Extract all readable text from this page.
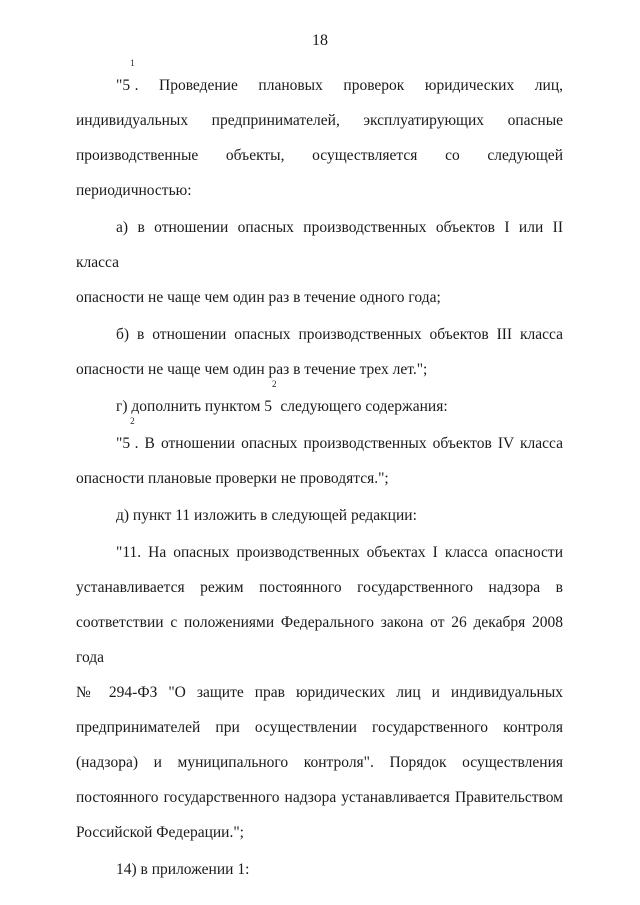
18

"$5^1$. Проведение плановых проверок юридических лиц,
индивидуальных предпринимателей, эксплуатирующих опасные
производственные объекты, осуществляется со следующей
периодичностью:

а) в отношении опасных производственных объектов I или II класса
опасности не чаще чем один раз в течение одного года;

б) в отношении опасных производственных объектов III класса
опасности не чаще чем один раз в течение трех лет.";

г) дополнить пунктом $5^2$ следующего содержания:

"$5^2$. В отношении опасных производственных объектов IV класса
опасности плановые проверки не проводятся.";

д) пункт 11 изложить в следующей редакции:

"11. На опасных производственных объектах I класса опасности
устанавливается режим постоянного государственного надзора в
соответствии с положениями Федерального закона от 26 декабря 2008 года
№ 294-ФЗ "О защите прав юридических лиц и индивидуальных
предпринимателей при осуществлении государственного контроля
(надзора) и муниципального контроля". Порядок осуществления
постоянного государственного надзора устанавливается Правительством
Российской Федерации.";

14) в приложении 1:
